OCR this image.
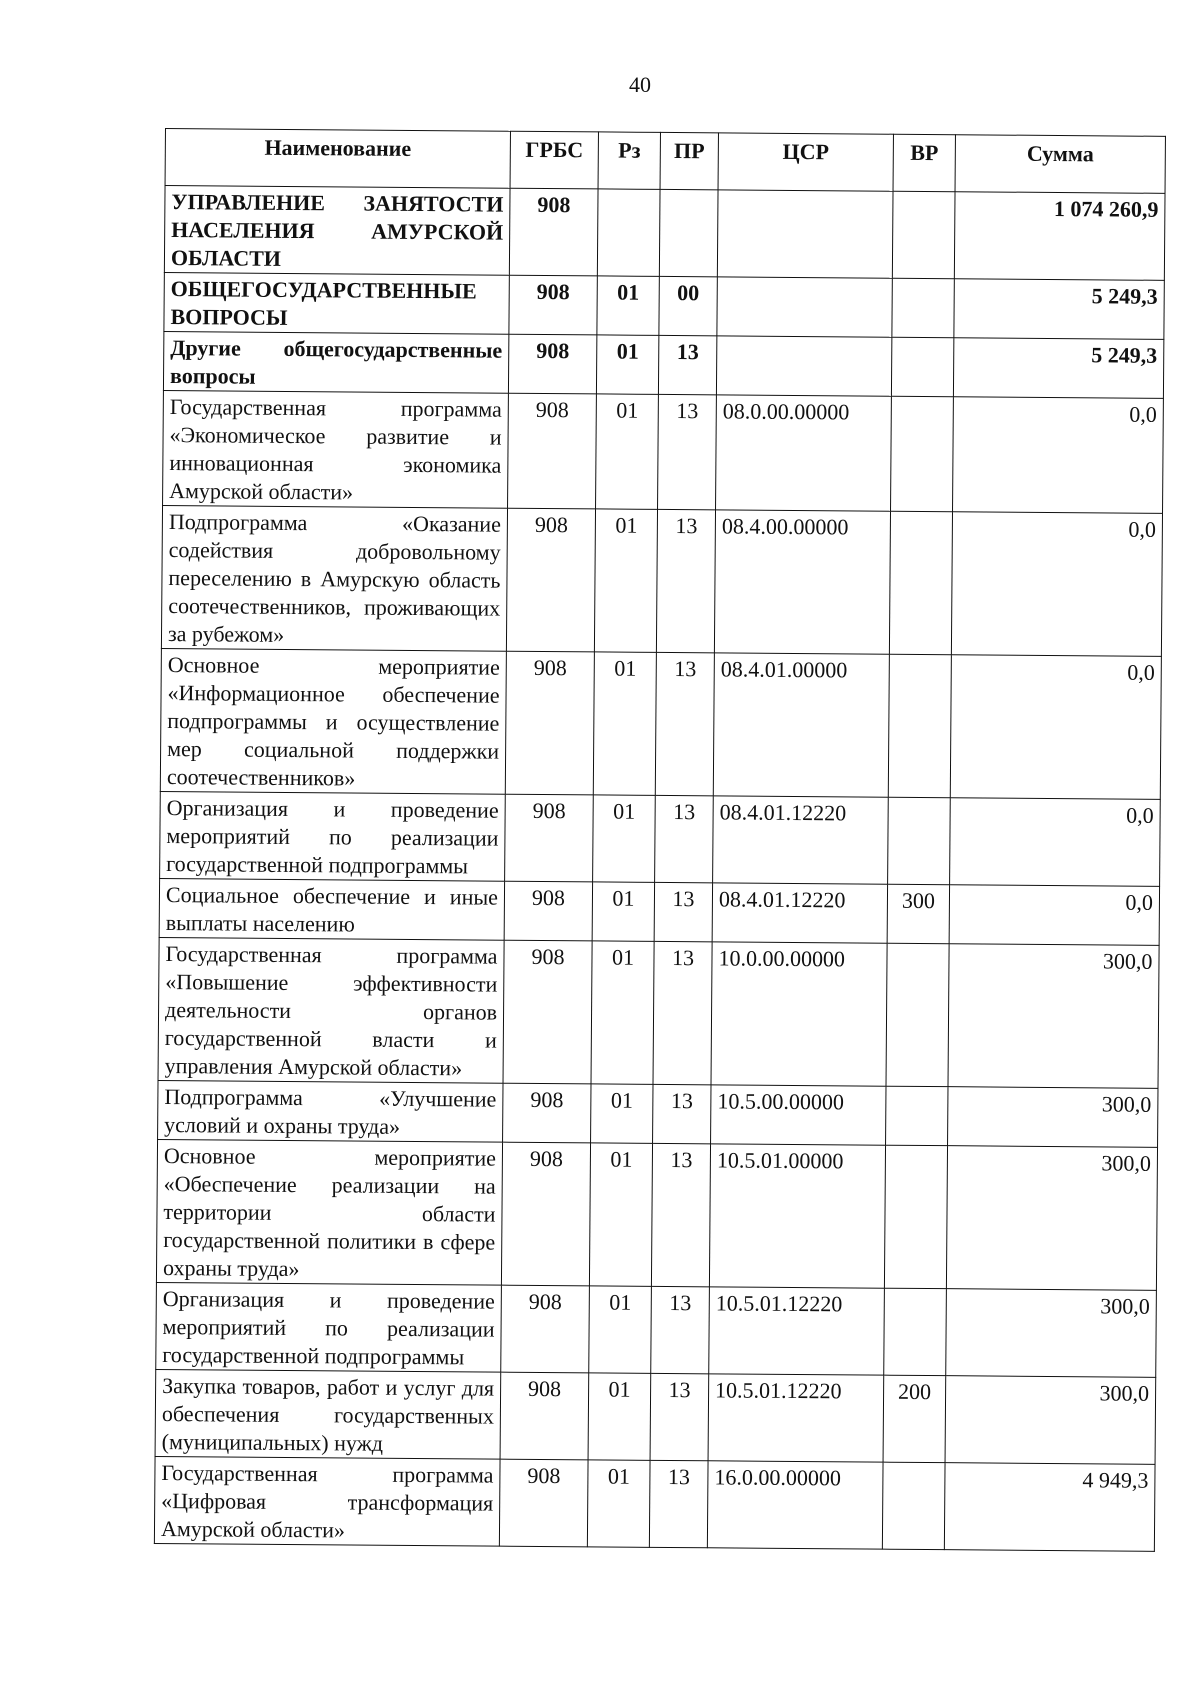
40
Наименование	ГРБС	Рз	ПР	ЦСР	ВР	Сумма
УПРАВЛЕНИЕ ЗАНЯТОСТИ НАСЕЛЕНИЯ АМУРСКОЙ ОБЛАСТИ	908					1 074 260,9
ОБЩЕГОСУДАРСТВЕННЫЕ ВОПРОСЫ	908	01	00			5 249,3
Другие общегосударственные вопросы	908	01	13			5 249,3
Государственная программа «Экономическое развитие и инновационная экономика Амурской области»	908	01	13	08.0.00.00000		0,0
Подпрограмма «Оказание содействия добровольному переселению в Амурскую область соотечественников, проживающих за рубежом»	908	01	13	08.4.00.00000		0,0
Основное мероприятие «Информационное обеспечение подпрограммы и осуществление мер социальной поддержки соотечественников»	908	01	13	08.4.01.00000		0,0
Организация и проведение мероприятий по реализации государственной подпрограммы	908	01	13	08.4.01.12220		0,0
Социальное обеспечение и иные выплаты населению	908	01	13	08.4.01.12220	300	0,0
Государственная программа «Повышение эффективности деятельности органов государственной власти и управления Амурской области»	908	01	13	10.0.00.00000		300,0
Подпрограмма «Улучшение условий и охраны труда»	908	01	13	10.5.00.00000		300,0
Основное мероприятие «Обеспечение реализации на территории области государственной политики в сфере охраны труда»	908	01	13	10.5.01.00000		300,0
Организация и проведение мероприятий по реализации государственной подпрограммы	908	01	13	10.5.01.12220		300,0
Закупка товаров, работ и услуг для обеспечения государственных (муниципальных) нужд	908	01	13	10.5.01.12220	200	300,0
Государственная программа «Цифровая трансформация Амурской области»	908	01	13	16.0.00.00000		4 949,3
